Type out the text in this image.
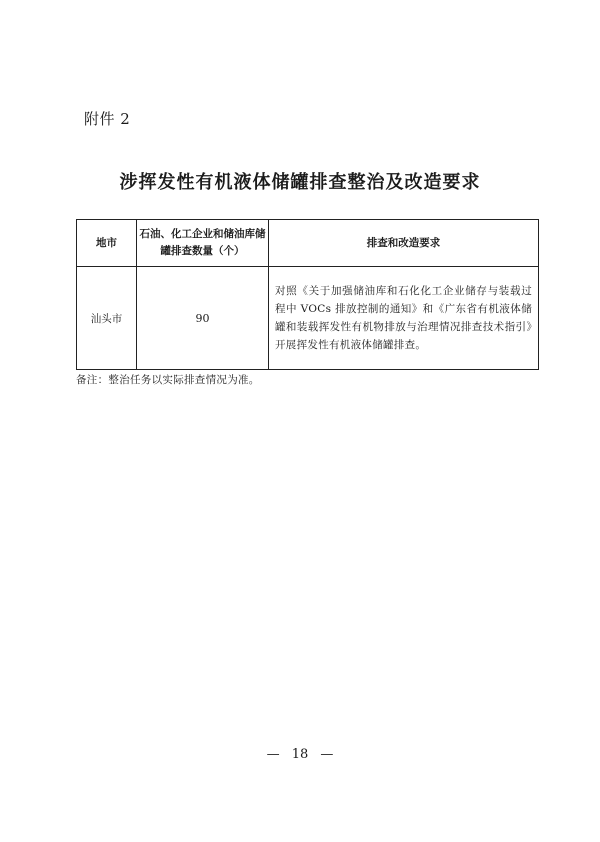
附件 2
涉挥发性有机液体储罐排查整治及改造要求
地市	石油、化工企业和储油库储罐排查数量（个）	排查和改造要求
汕头市	90	对照《关于加强储油库和石化化工企业储存与装载过程中 VOCs 排放控制的通知》和《广东省有机液体储罐和装载挥发性有机物排放与治理情况排查技术指引》开展挥发性有机液体储罐排查。
备注：整治任务以实际排查情况为准。
— 18 —
